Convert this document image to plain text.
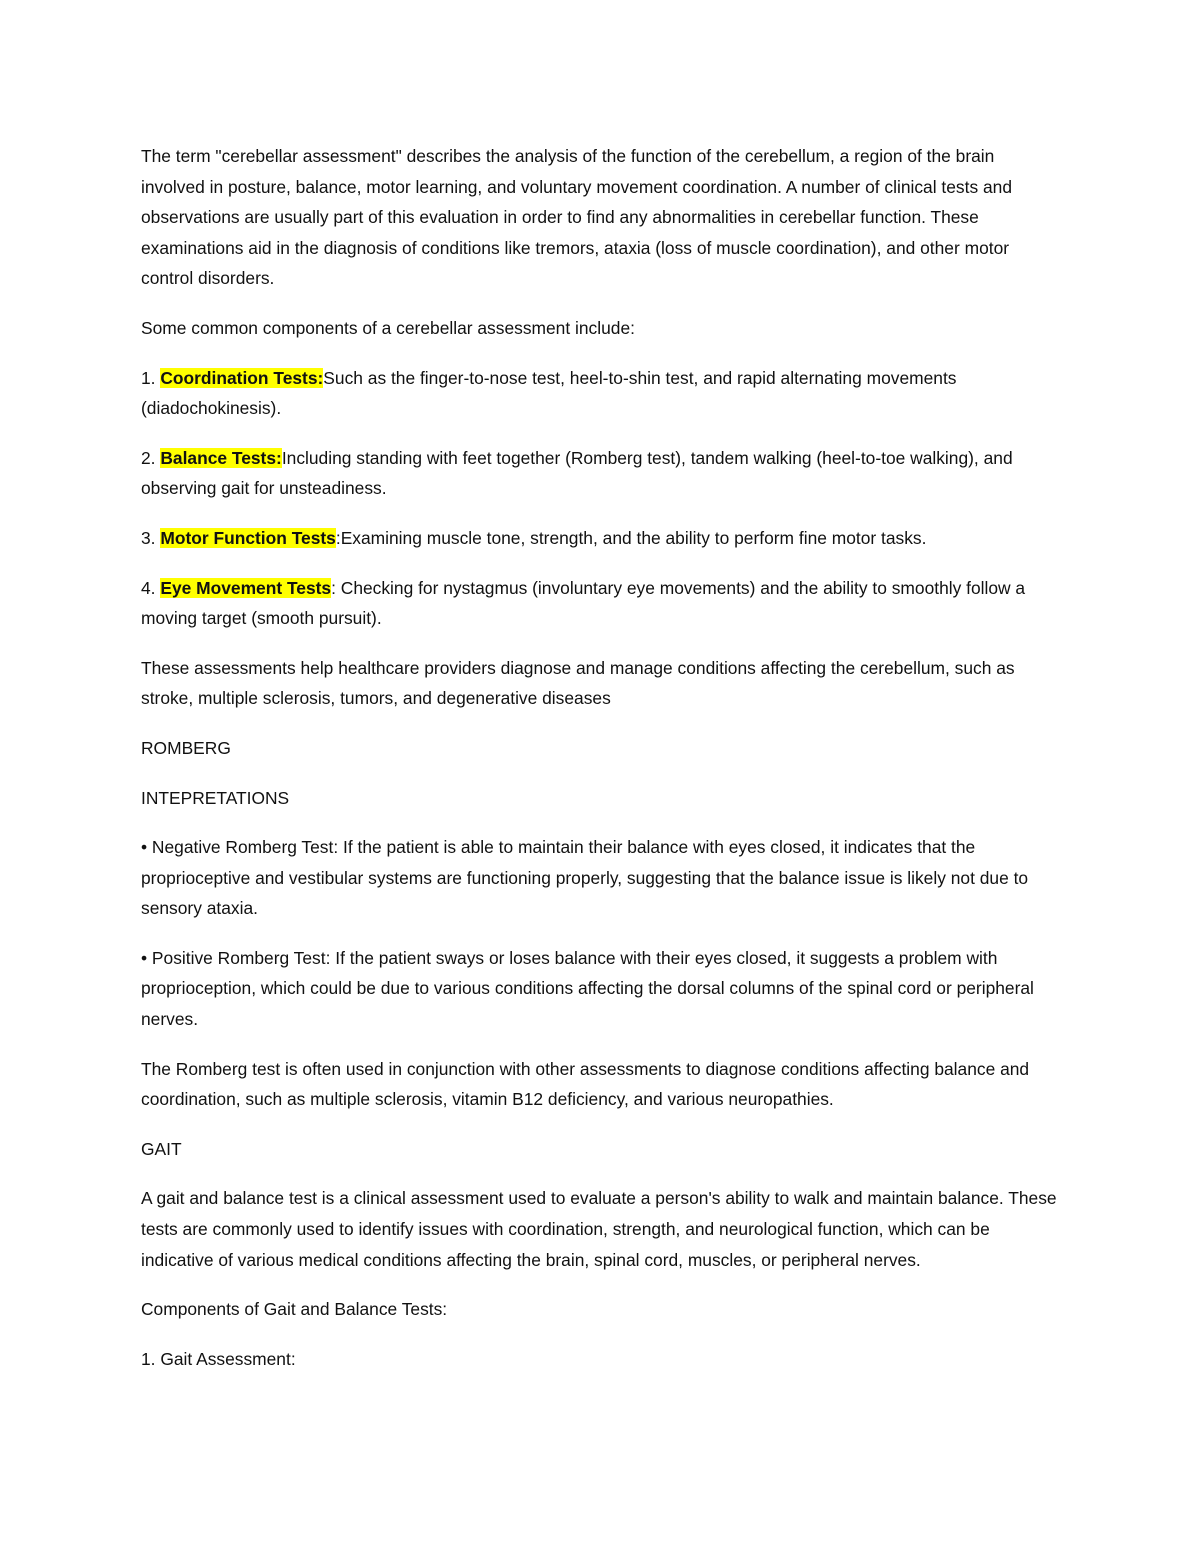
The term "cerebellar assessment" describes the analysis of the function of the cerebellum, a region of the brain involved in posture, balance, motor learning, and voluntary movement coordination. A number of clinical tests and observations are usually part of this evaluation in order to find any abnormalities in cerebellar function. These examinations aid in the diagnosis of conditions like tremors, ataxia (loss of muscle coordination), and other motor control disorders.

Some common components of a cerebellar assessment include:

1. Coordination Tests:Such as the finger-to-nose test, heel-to-shin test, and rapid alternating movements (diadochokinesis).

2. Balance Tests:Including standing with feet together (Romberg test), tandem walking (heel-to-toe walking), and observing gait for unsteadiness.

3. Motor Function Tests:Examining muscle tone, strength, and the ability to perform fine motor tasks.

4. Eye Movement Tests: Checking for nystagmus (involuntary eye movements) and the ability to smoothly follow a moving target (smooth pursuit).

These assessments help healthcare providers diagnose and manage conditions affecting the cerebellum, such as stroke, multiple sclerosis, tumors, and degenerative diseases

ROMBERG

INTEPRETATIONS

• Negative Romberg Test: If the patient is able to maintain their balance with eyes closed, it indicates that the proprioceptive and vestibular systems are functioning properly, suggesting that the balance issue is likely not due to sensory ataxia.

• Positive Romberg Test: If the patient sways or loses balance with their eyes closed, it suggests a problem with proprioception, which could be due to various conditions affecting the dorsal columns of the spinal cord or peripheral nerves.

The Romberg test is often used in conjunction with other assessments to diagnose conditions affecting balance and coordination, such as multiple sclerosis, vitamin B12 deficiency, and various neuropathies.

GAIT

A gait and balance test is a clinical assessment used to evaluate a person's ability to walk and maintain balance. These tests are commonly used to identify issues with coordination, strength, and neurological function, which can be indicative of various medical conditions affecting the brain, spinal cord, muscles, or peripheral nerves.

Components of Gait and Balance Tests:

1. Gait Assessment:
